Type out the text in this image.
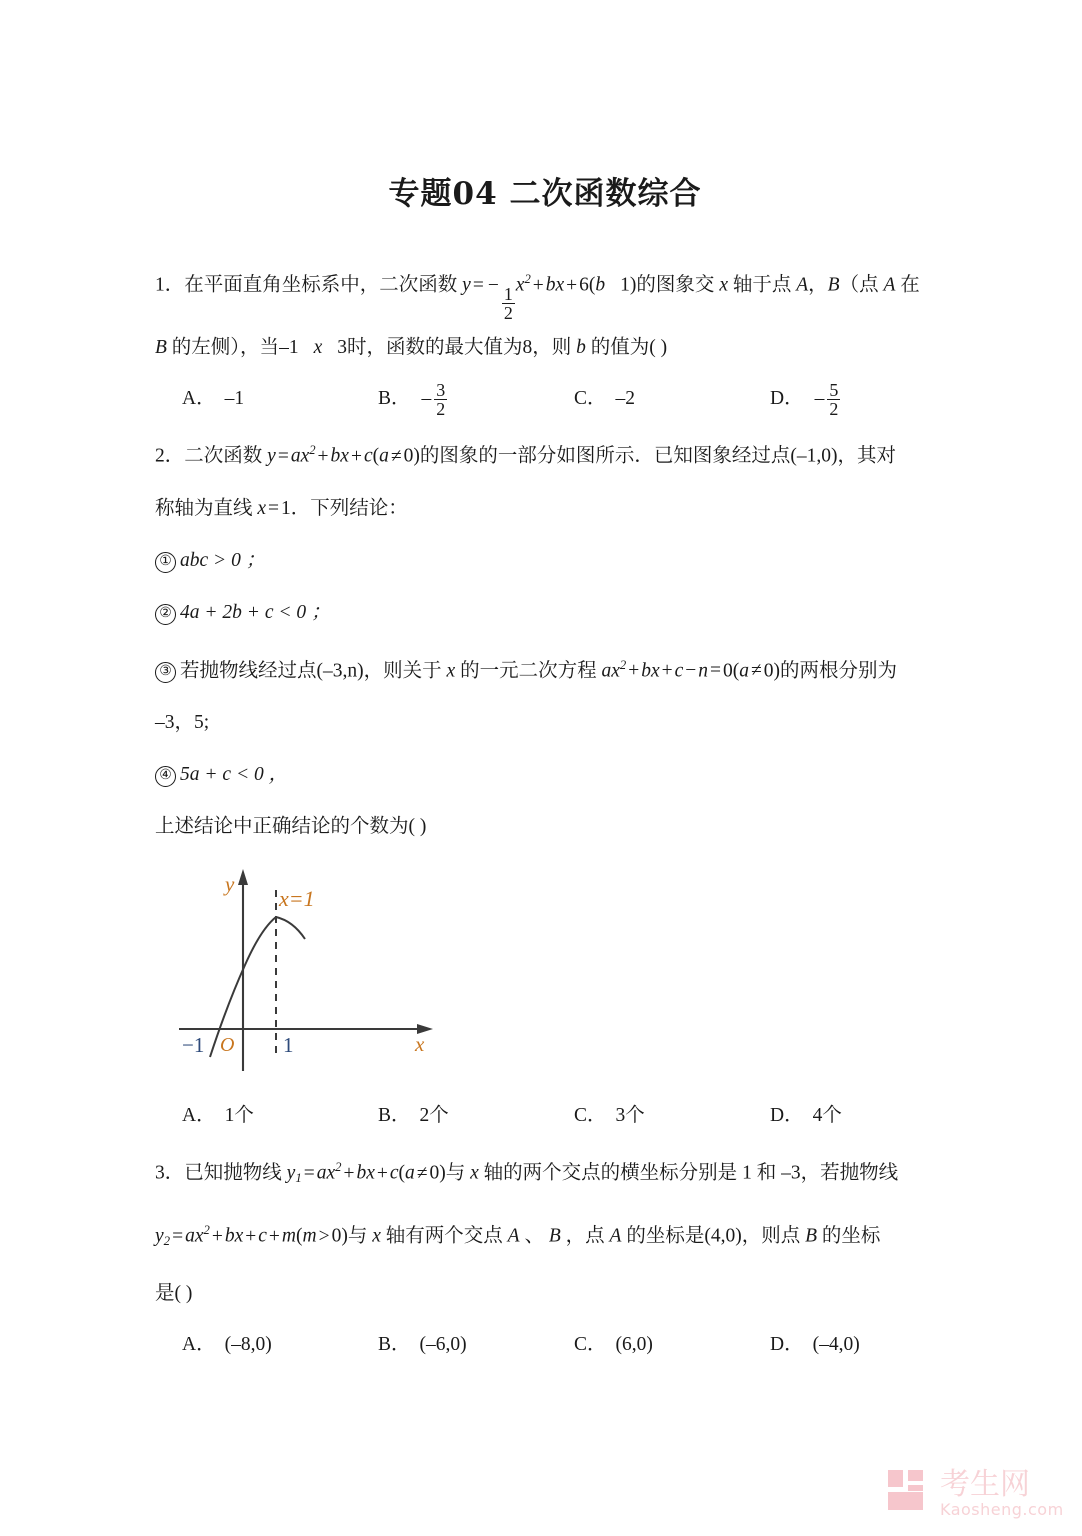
专题04 二次函数综合
1．在平面直角坐标系中，二次函数 y = − $\frac{1}{2} x^2$ + bx + 6(b 1)的图象交 x 轴于点 A，B（点 A 在
B 的左侧），当–1 x 3时，函数的最大值为8，则 b 的值为( )
A． –1	B． – $\frac{3}{2}$	C． –2	D． – $\frac{5}{2}$
2．二次函数 $y = ax^2$ + bx + c(a ≠ 0)的图象的一部分如图所示．已知图象经过点(–1,0)，其对
称轴为直线 x = 1．下列结论：
① abc > 0 ；
② 4a + 2b + c < 0 ；
③ 若抛物线经过点(–3,n)，则关于 x 的一元二次方程 $ax^2$ + bx + c − n = 0(a ≠ 0)的两根分别为
–3，5;
④ 5a + c < 0 ，
上述结论中正确结论的个数为( )
y
x
O
−1	1
x=1
A． 1个	B． 2个	C． 3个	D． 4个
3．已知抛物线 $y_1 = ax^2$ + bx + c(a ≠ 0)与 x 轴的两个交点的横坐标分别是 1 和 –3，若抛物线
$y_2 = ax^2$ + bx + c + m(m > 0)与 x 轴有两个交点 A 、 B ，点 A 的坐标是(4,0)，则点 B 的坐标
是( )
A． (–8,0)	B． (–6,0)	C． (6,0)	D． (–4,0)
考生网
Kaosheng.com
